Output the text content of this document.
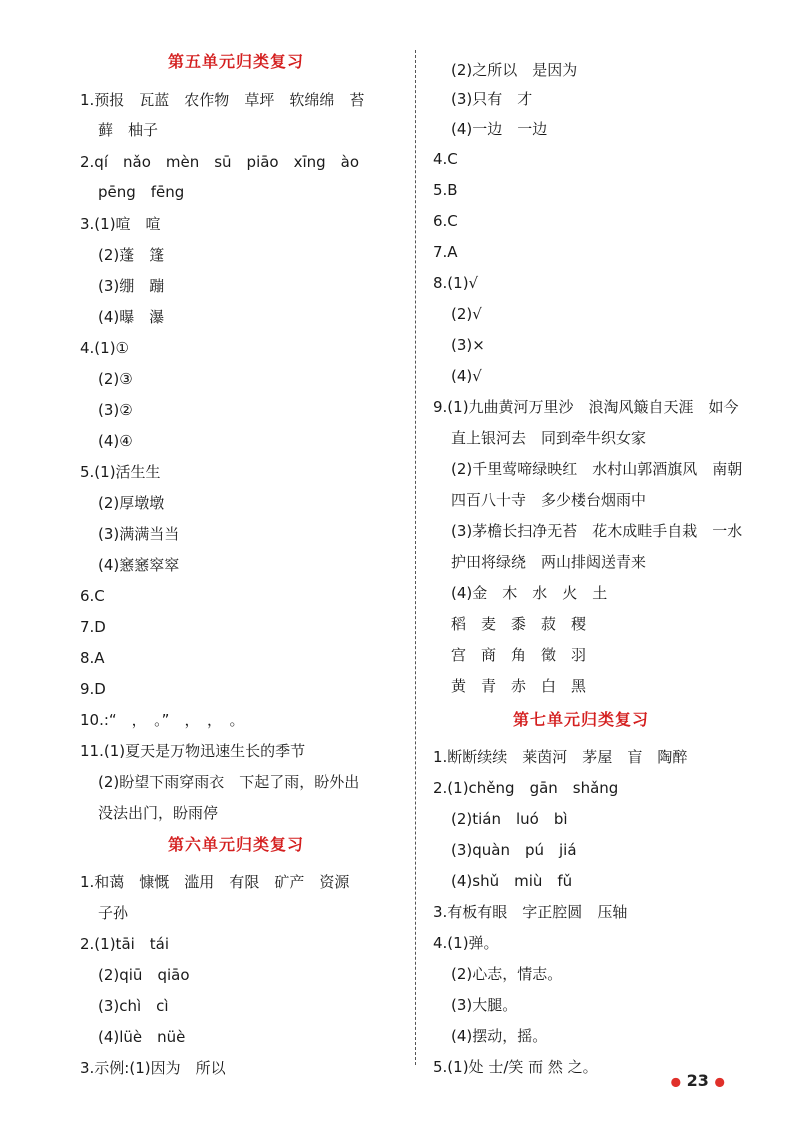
第五单元归类复习
1.预报　瓦蓝　农作物　草坪　软绵绵　苔
藓　柚子
2.qí　nǎo　mèn　sū　piāo　xīng　ào
pēng　fēng
3.(1)喧　喧
(2)蓬　篷
(3)绷　蹦
(4)曝　瀑
4.(1)①
(2)③
(3)②
(4)④
5.(1)活生生
(2)厚墩墩
(3)满满当当
(4)窸窸窣窣
6.C
7.D
8.A
9.D
10.:“　，　。”　，　，　。
11.(1)夏天是万物迅速生长的季节
(2)盼望下雨穿雨衣　下起了雨，盼外出
没法出门，盼雨停
第六单元归类复习
1.和蔼　慷慨　滥用　有限　矿产　资源
子孙
2.(1)tāi　tái
(2)qiū　qiāo
(3)chì　cì
(4)lüè　nüè
3.示例:(1)因为　所以
(2)之所以　是因为
(3)只有　才
(4)一边　一边
4.C
5.B
6.C
7.A
8.(1)√
(2)√
(3)×
(4)√
9.(1)九曲黄河万里沙　浪淘风簸自天涯　如今
直上银河去　同到牵牛织女家
(2)千里莺啼绿映红　水村山郭酒旗风　南朝
四百八十寺　多少楼台烟雨中
(3)茅檐长扫净无苔　花木成畦手自栽　一水
护田将绿绕　两山排闼送青来
(4)金　木　水　火　土
稻　麦　黍　菽　稷
宫　商　角　徵　羽
黄　青　赤　白　黑
第七单元归类复习
1.断断续续　莱茵河　茅屋　盲　陶醉
2.(1)chěng　gān　shǎng
(2)tián　luó　bì
(3)quàn　pú　jiá
(4)shǔ　miù　fǔ
3.有板有眼　字正腔圆　压轴
4.(1)弹。
(2)心志，情志。
(3)大腿。
(4)摆动，摇。
5.(1)处 士/笑 而 然 之。
● 23 ●
